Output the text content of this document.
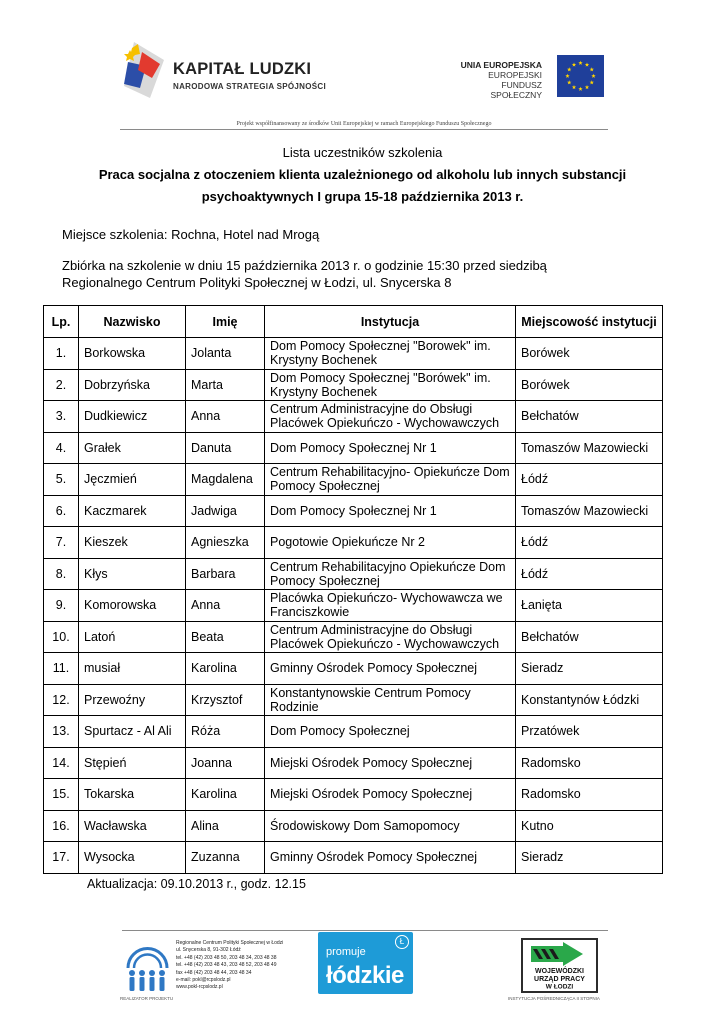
KAPITAŁ LUDZKI
NARODOWA STRATEGIA SPÓJNOŚCI
UNIA EUROPEJSKA
EUROPEJSKI
FUNDUSZ SPOŁECZNY
Projekt współfinansowany ze środków Unii Europejskiej w ramach Europejskiego Funduszu Społecznego
Lista uczestników szkolenia
Praca socjalna z otoczeniem klienta uzależnionego od alkoholu lub innych substancji
psychoaktywnych I grupa 15-18 października 2013 r.
Miejsce szkolenia: Rochna, Hotel nad Mrogą
Zbiórka na szkolenie w dniu 15 października 2013 r. o godzinie 15:30 przed siedzibą
Regionalnego Centrum Polityki Społecznej w Łodzi, ul. Snycerska 8
Lp.	Nazwisko	Imię	Instytucja	Miejscowość instytucji
1.	Borkowska	Jolanta	Dom Pomocy Społecznej "Borowek" im. Krystyny Bochenek	Borówek
2.	Dobrzyńska	Marta	Dom Pomocy Społecznej "Borówek" im. Krystyny Bochenek	Borówek
3.	Dudkiewicz	Anna	Centrum Administracyjne do Obsługi Placówek Opiekuńczo - Wychowawczych	Bełchatów
4.	Grałek	Danuta	Dom Pomocy Społecznej Nr 1	Tomaszów Mazowiecki
5.	Jęczmień	Magdalena	Centrum Rehabilitacyjno- Opiekuńcze Dom Pomocy Społecznej	Łódź
6.	Kaczmarek	Jadwiga	Dom Pomocy Społecznej Nr 1	Tomaszów Mazowiecki
7.	Kieszek	Agnieszka	Pogotowie Opiekuńcze Nr 2	Łódź
8.	Kłys	Barbara	Centrum Rehabilitacyjno Opiekuńcze Dom Pomocy Społecznej	Łódź
9.	Komorowska	Anna	Placówka Opiekuńczo- Wychowawcza we Franciszkowie	Łanięta
10.	Latoń	Beata	Centrum Administracyjne do Obsługi Placówek Opiekuńczo - Wychowawczych	Bełchatów
11.	musiał	Karolina	Gminny Ośrodek Pomocy Społecznej	Sieradz
12.	Przewoźny	Krzysztof	Konstantynowskie Centrum Pomocy Rodzinie	Konstantynów Łódzki
13.	Spurtacz - Al Ali	Róża	Dom Pomocy Społecznej	Przatówek
14.	Stępień	Joanna	Miejski Ośrodek Pomocy Społecznej	Radomsko
15.	Tokarska	Karolina	Miejski Ośrodek Pomocy Społecznej	Radomsko
16.	Wacławska	Alina	Środowiskowy Dom Samopomocy	Kutno
17.	Wysocka	Zuzanna	Gminny Ośrodek Pomocy Społecznej	Sieradz
Aktualizacja: 09.10.2013 r., godz. 12.15
REALIZATOR PROJEKTU
Regionalne Centrum Polityki Społecznej w Łodzi
ul. Snycerska 8, 91-302 Łódź
tel. +48 (42) 203 48 50, 203 48 34, 203 48 38
tel. +48 (42) 203 48 43, 203 48 52, 203 48 49
fax +48 (42) 203 48 44, 203 48 34
e-mail: pokl@rcpslodz.pl
www.pokl-rcpslodz.pl
Ł
promuje
łódzkie	WOJEWÓDZKI
URZĄD PRACY
W ŁODZI
INSTYTUCJA POŚREDNICZĄCA II STOPNIA
